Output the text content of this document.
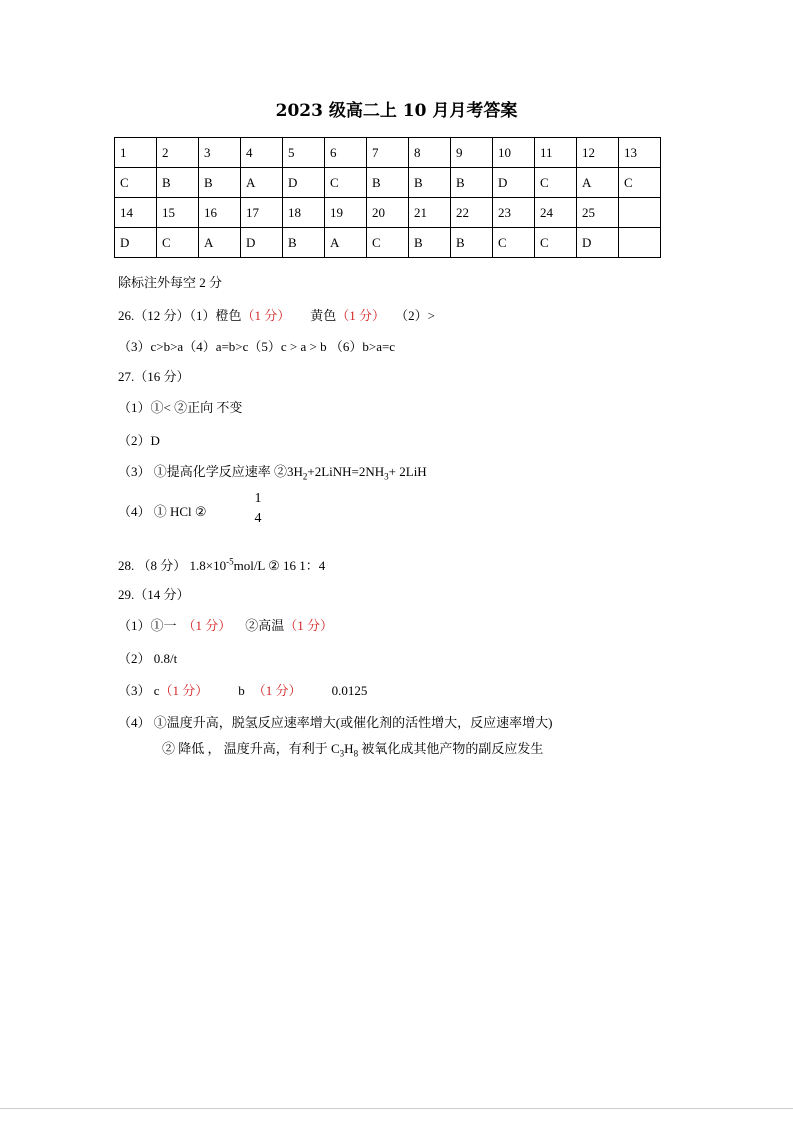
2023 级高二上 10 月月考答案
1	2	3	4	5	6	7	8	9	10	11	12	13
C	B	B	A	D	C	B	B	B	D	C	A	C
14	15	16	17	18	19	20	21	22	23	24	25	
D	C	A	D	B	A	C	B	B	C	C	D	
除标注外每空 2 分
26.（12 分）（1）橙色（1 分） 黄色（1 分） （2）>
（3）c>b>a（4）a=b>c（5）c > a > b （6）b>a=c
27.（16 分）
（1）①< ②正向 不变
（2）D
（3） ①提高化学反应速率 $②3H_2+2LiNH=2NH_3+ 2LiH$
（4） ① HCl ②
1
4
28. （8 分） $1.8\times 10^{-5}mol/L$ ② 16 1：4
29.（14 分）
（1）①一 （1 分） ②高温（1 分）
（2） 0.8/t
（3） c（1 分） b （1 分） 0.0125
（4） ①温度升高，脱氢反应速率增大(或催化剂的活性增大，反应速率增大)
② 降低 ， 温度升高，有利于 $C_3H_8$ 被氧化成其他产物的副反应发生
